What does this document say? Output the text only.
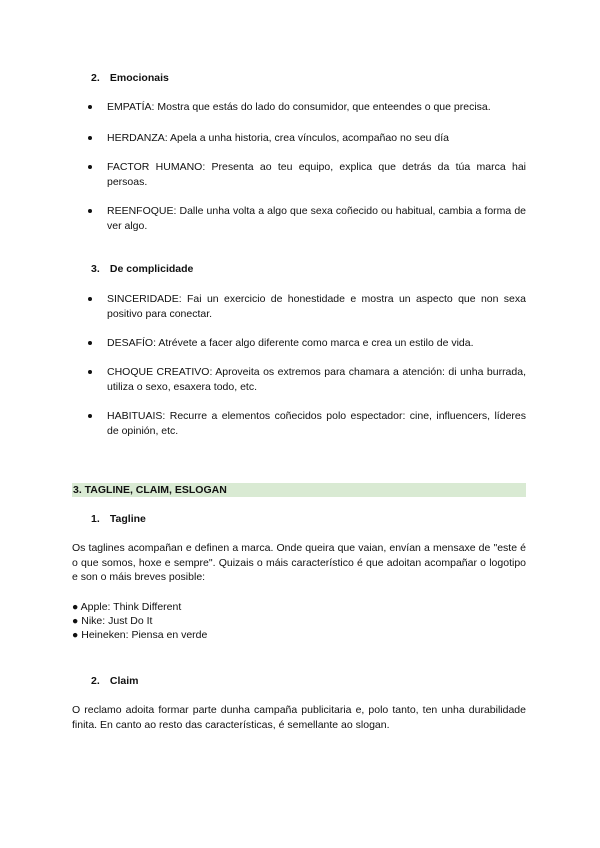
2. Emocionais
EMPATÍA: Mostra que estás do lado do consumidor, que enteendes o que precisa.
HERDANZA: Apela a unha historia, crea vínculos, acompañao no seu día
FACTOR HUMANO: Presenta ao teu equipo, explica que detrás da túa marca hai persoas.
REENFOQUE: Dalle unha volta a algo que sexa coñecido ou habitual, cambia a forma de ver algo.
3. De complicidade
SINCERIDADE: Fai un exercicio de honestidade e mostra un aspecto que non sexa positivo para conectar.
DESAFÍO: Atrévete a facer algo diferente como marca e crea un estilo de vida.
CHOQUE CREATIVO: Aproveita os extremos para chamara a atención: di unha burrada, utiliza o sexo, esaxera todo, etc.
HABITUAIS: Recurre a elementos coñecidos polo espectador: cine, influencers, líderes de opinión, etc.
3. TAGLINE, CLAIM, ESLOGAN
1. Tagline
Os taglines acompañan e definen a marca. Onde queira que vaian, envían a mensaxe de "este é o que somos, hoxe e sempre". Quizais o máis característico é que adoitan acompañar o logotipo e son o máis breves posible:
● Apple: Think Different
● Nike: Just Do It
● Heineken: Piensa en verde
2. Claim
O reclamo adoita formar parte dunha campaña publicitaria e, polo tanto, ten unha durabilidade finita. En canto ao resto das características, é semellante ao slogan.
